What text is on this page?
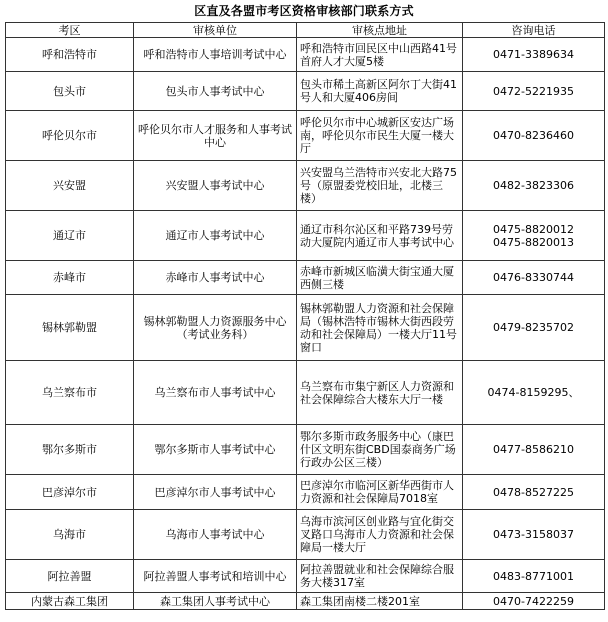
区直及各盟市考区资格审核部门联系方式
考区	审核单位	审核点地址	咨询电话
呼和浩特市	呼和浩特市人事培训考试中心	呼和浩特市回民区中山西路41号首府人才大厦5楼	0471-3389634

包头市	包头市人事考试中心	包头市稀土高新区阿尔丁大街41号人和大厦406房间	0472-5221935

呼伦贝尔市	呼伦贝尔市人才服务和人事考试中心	呼伦贝尔市中心城新区安达广场南，呼伦贝尔市民生大厦一楼大厅	0470-8236460

兴安盟	兴安盟人事考试中心	兴安盟乌兰浩特市兴安北大路75号（原盟委党校旧址，北楼三楼）	0482-3823306

通辽市	通辽市人事考试中心	通辽市科尔沁区和平路739号劳动大厦院内通辽市人事考试中心	0475-8820012
0475-8820013

赤峰市	赤峰市人事考试中心	赤峰市新城区临潢大街宝通大厦西侧三楼	0476-8330744

锡林郭勒盟	锡林郭勒盟人力资源服务中心（考试业务科）	锡林郭勒盟人力资源和社会保障局（锡林浩特市锡林大街西段劳动和社会保障局）一楼大厅11号窗口	0479-8235702

乌兰察布市	乌兰察布市人事考试中心	乌兰察布市集宁新区人力资源和社会保障综合大楼东大厅一楼	0474-8159295、

鄂尔多斯市	鄂尔多斯市人事考试中心	鄂尔多斯市政务服务中心（康巴什区文明东街CBD国泰商务广场行政办公区三楼）	0477-8586210

巴彦淖尔市	巴彦淖尔市人事考试中心	巴彦淖尔市临河区新华西街市人力资源和社会保障局7018室	0478-8527225

乌海市	乌海市人事考试中心	乌海市滨河区创业路与宜化街交叉路口乌海市人力资源和社会保障局一楼大厅	0473-3158037

阿拉善盟	阿拉善盟人事考试和培训中心	阿拉善盟就业和社会保障综合服务大楼317室	0483-8771001

内蒙古森工集团	森工集团人事考试中心	森工集团南楼二楼201室	0470-7422259
